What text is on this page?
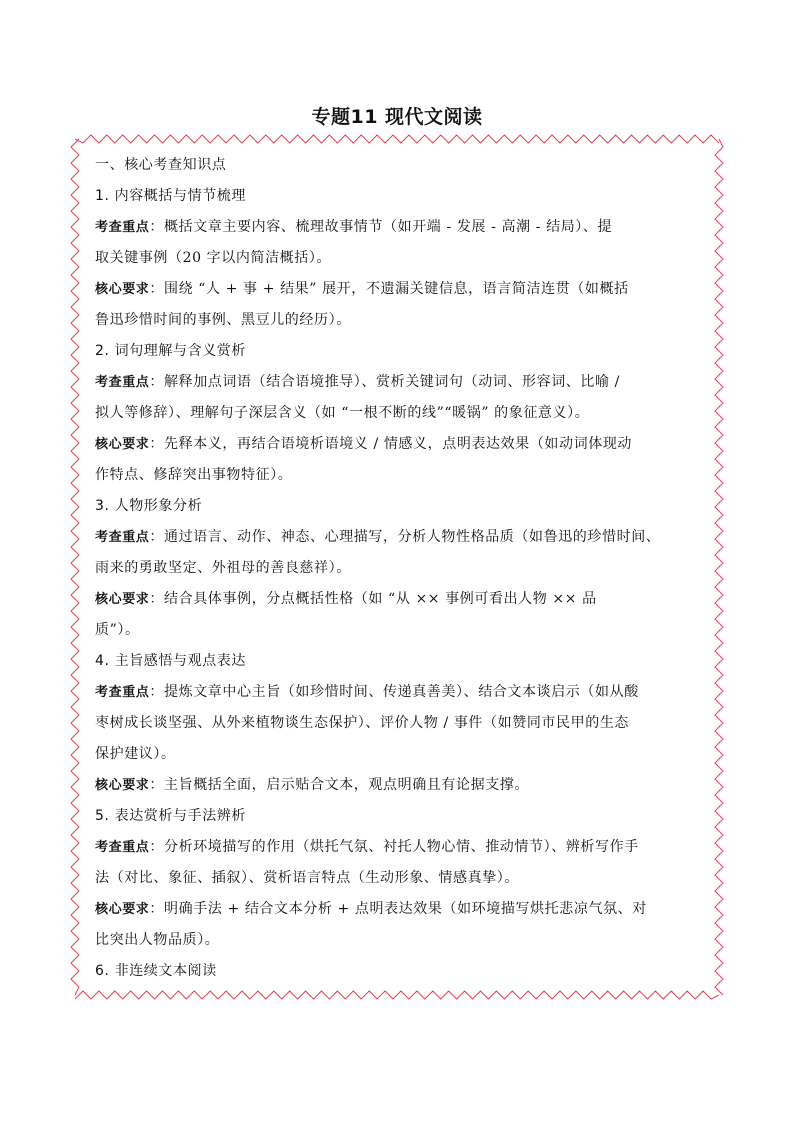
专题11 现代文阅读
一、核心考查知识点
1. 内容概括与情节梳理
考查重点：概括文章主要内容、梳理故事情节（如开端 - 发展 - 高潮 - 结局）、提
取关键事例（20 字以内简洁概括）。
核心要求：围绕 “人 + 事 + 结果” 展开，不遗漏关键信息，语言简洁连贯（如概括
鲁迅珍惜时间的事例、黑豆儿的经历）。
2. 词句理解与含义赏析
考查重点：解释加点词语（结合语境推导）、赏析关键词句（动词、形容词、比喻 /
拟人等修辞）、理解句子深层含义（如 “一根不断的线”“暖锅” 的象征意义）。
核心要求：先释本义，再结合语境析语境义 / 情感义，点明表达效果（如动词体现动
作特点、修辞突出事物特征）。
3. 人物形象分析
考查重点：通过语言、动作、神态、心理描写，分析人物性格品质（如鲁迅的珍惜时间、
雨来的勇敢坚定、外祖母的善良慈祥）。
核心要求：结合具体事例，分点概括性格（如 “从 ×× 事例可看出人物 ×× 品
质”）。
4. 主旨感悟与观点表达
考查重点：提炼文章中心主旨（如珍惜时间、传递真善美）、结合文本谈启示（如从酸
枣树成长谈坚强、从外来植物谈生态保护）、评价人物 / 事件（如赞同市民甲的生态
保护建议）。
核心要求：主旨概括全面，启示贴合文本，观点明确且有论据支撑。
5. 表达赏析与手法辨析
考查重点：分析环境描写的作用（烘托气氛、衬托人物心情、推动情节）、辨析写作手
法（对比、象征、插叙）、赏析语言特点（生动形象、情感真挚）。
核心要求：明确手法 + 结合文本分析 + 点明表达效果（如环境描写烘托悲凉气氛、对
比突出人物品质）。
6. 非连续文本阅读
